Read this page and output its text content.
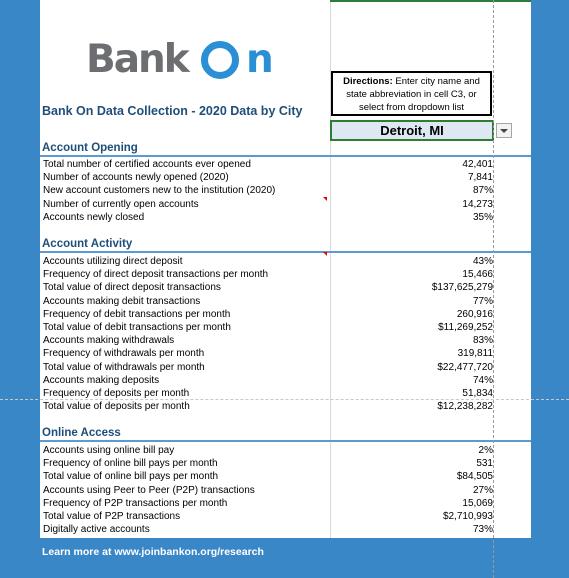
Bank n
Bank On Data Collection - 2020 Data by City
Directions: Enter city name and state abbreviation in cell C3, or select from dropdown list
Detroit, MI
Account Opening
Total number of certified accounts ever opened	42,401
Number of accounts newly opened (2020)	7,841
New account customers new to the institution (2020)	87%
Number of currently open accounts	14,273
Accounts newly closed	35%
Account Activity
Accounts utilizing direct deposit	43%
Frequency of direct deposit transactions per month	15,466
Total value of direct deposit transactions	$137,625,279
Accounts making debit transactions	77%
Frequency of debit transactions per month	260,916
Total value of debit transactions per month	$11,269,252
Accounts making withdrawals	83%
Frequency of withdrawals per month	319,811
Total value of withdrawals per month	$22,477,720
Accounts making deposits	74%
Frequency of deposits per month	51,834
Total value of deposits per month	$12,238,282
Online Access
Accounts using online bill pay	2%
Frequency of online bill pays per month	531
Total value of online bill pays per month	$84,505
Accounts using Peer to Peer (P2P) transactions	27%
Frequency of P2P transactions per month	15,069
Total value of P2P transactions	$2,710,993
Digitally active accounts	73%
Learn more at www.joinbankon.org/research
